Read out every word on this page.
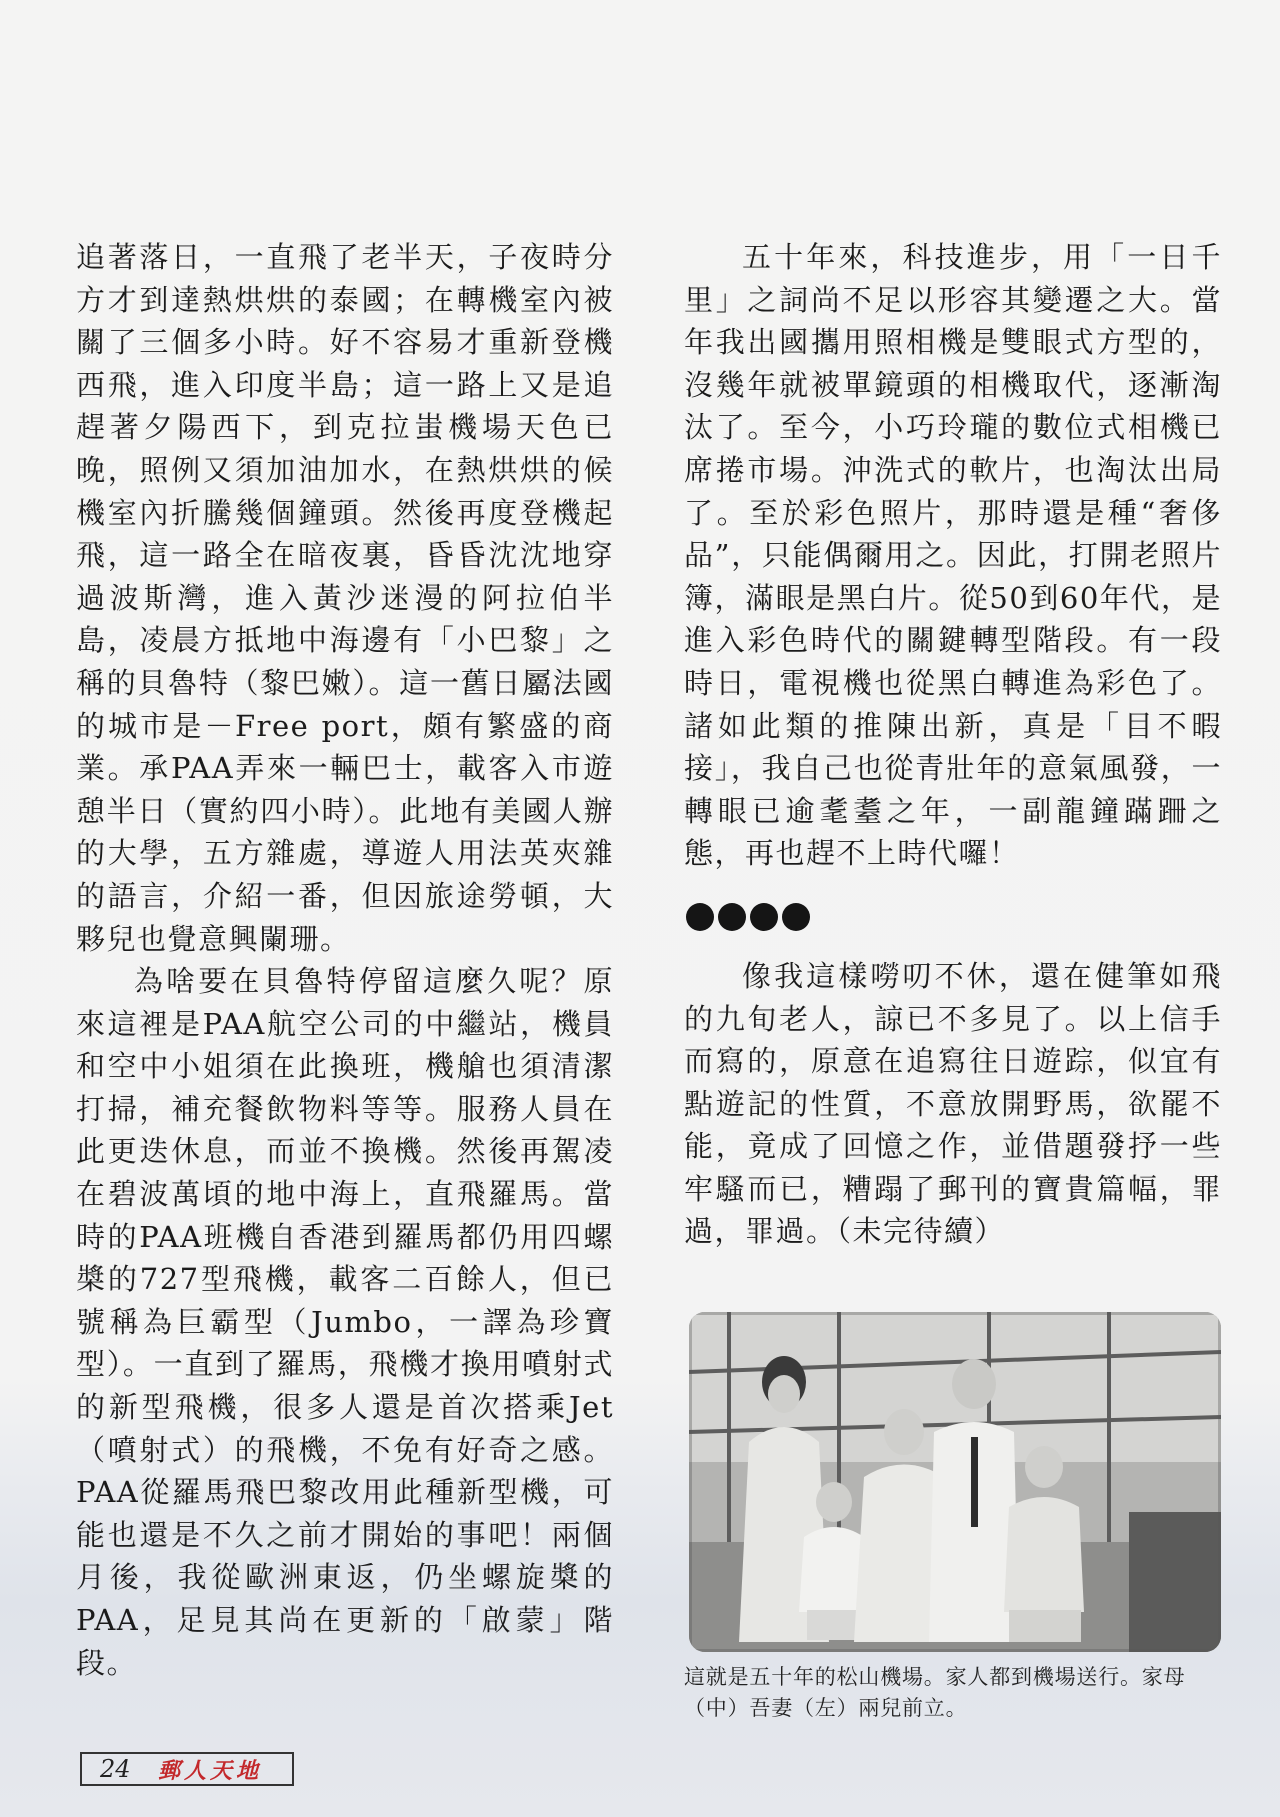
追著落日，一直飛了老半天，子夜時分方才到達熱烘烘的泰國；在轉機室內被關了三個多小時。好不容易才重新登機西飛，進入印度半島；這一路上又是追趕著夕陽西下，到克拉蚩機場天色已晚，照例又須加油加水，在熱烘烘的候機室內折騰幾個鐘頭。然後再度登機起飛，這一路全在暗夜裏，昏昏沈沈地穿過波斯灣，進入黃沙迷漫的阿拉伯半島，凌晨方抵地中海邊有「小巴黎」之稱的貝魯特（黎巴嫩）。這一舊日屬法國的城市是－Free port，頗有繁盛的商業。承PAA弄來一輛巴士，載客入市遊憩半日（實約四小時）。此地有美國人辦的大學，五方雜處，導遊人用法英夾雜的語言，介紹一番，但因旅途勞頓，大夥兒也覺意興闌珊。

為啥要在貝魯特停留這麼久呢？原來這裡是PAA航空公司的中繼站，機員和空中小姐須在此換班，機艙也須清潔打掃，補充餐飲物料等等。服務人員在此更迭休息，而並不換機。然後再駕凌在碧波萬頃的地中海上，直飛羅馬。當時的PAA班機自香港到羅馬都仍用四螺槳的727型飛機，載客二百餘人，但已號稱為巨霸型（Jumbo，一譯為珍寶型）。一直到了羅馬，飛機才換用噴射式的新型飛機，很多人還是首次搭乘Jet（噴射式）的飛機，不免有好奇之感。PAA從羅馬飛巴黎改用此種新型機，可能也還是不久之前才開始的事吧！兩個月後，我從歐洲東返，仍坐螺旋槳的PAA，足見其尚在更新的「啟蒙」階段。

五十年來，科技進步，用「一日千里」之詞尚不足以形容其變遷之大。當年我出國攜用照相機是雙眼式方型的，沒幾年就被單鏡頭的相機取代，逐漸淘汰了。至今，小巧玲瓏的數位式相機已席捲市場。沖洗式的軟片，也淘汰出局了。至於彩色照片，那時還是種“奢侈品”，只能偶爾用之。因此，打開老照片簿，滿眼是黑白片。從50到60年代，是進入彩色時代的關鍵轉型階段。有一段時日，電視機也從黑白轉進為彩色了。諸如此類的推陳出新，真是「目不暇接」，我自己也從青壯年的意氣風發，一轉眼已逾耄耋之年，一副龍鐘蹣跚之態，再也趕不上時代囉！

像我這樣嘮叨不休，還在健筆如飛的九旬老人，諒已不多見了。以上信手而寫的，原意在追寫往日遊踪，似宜有點遊記的性質，不意放開野馬，欲罷不能，竟成了回憶之作，並借題發抒一些牢騷而已，糟蹋了郵刊的寶貴篇幅，罪過，罪過。（未完待續）

這就是五十年的松山機場。家人都到機場送行。家母（中）吾妻（左）兩兒前立。

24	郵人天地
